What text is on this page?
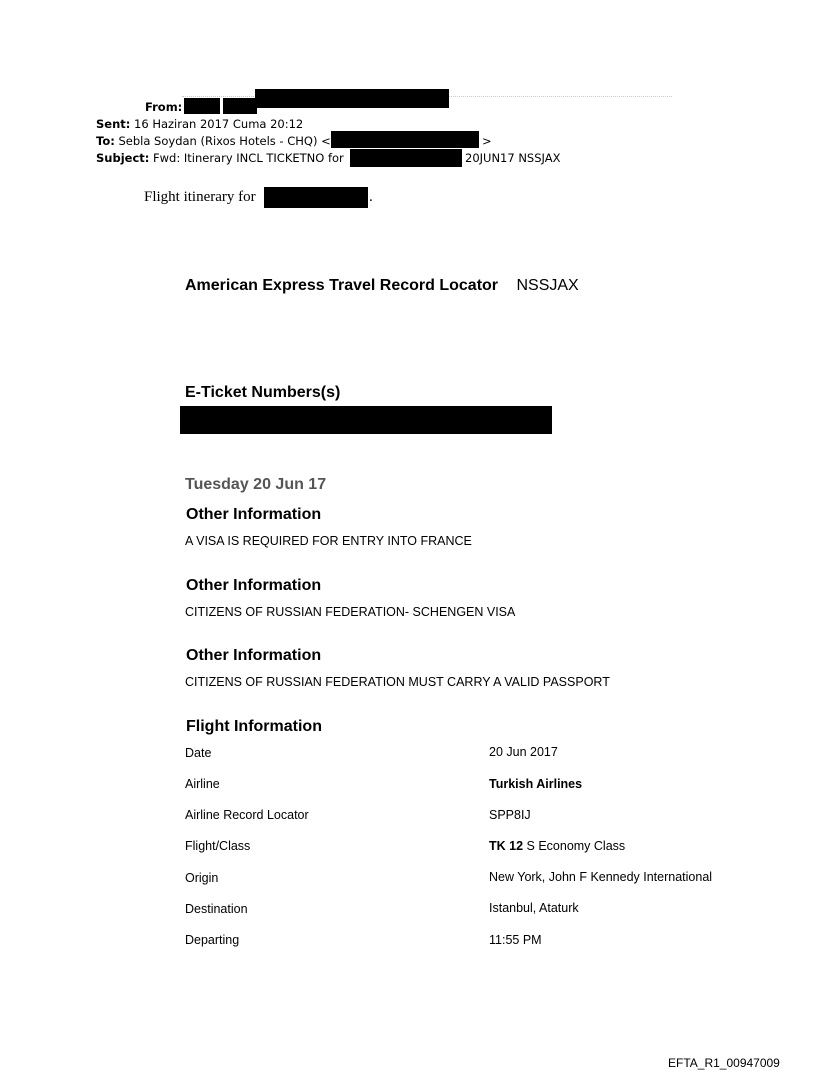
From:
Sent: 16 Haziran 2017 Cuma 20:12
To: Sebla Soydan (Rixos Hotels - CHQ) <	>
Subject: Fwd: Itinerary INCL TICKETNO for	20JUN17 NSSJAX
Flight itinerary for	.
American Express Travel Record Locator NSSJAX
E-Ticket Numbers(s)
Tuesday 20 Jun 17
Other Information
A VISA IS REQUIRED FOR ENTRY INTO FRANCE
Other Information
CITIZENS OF RUSSIAN FEDERATION- SCHENGEN VISA
Other Information
CITIZENS OF RUSSIAN FEDERATION MUST CARRY A VALID PASSPORT
Flight Information
Date	20 Jun 2017
Airline	Turkish Airlines
Airline Record Locator	SPP8IJ
Flight/Class	TK 12 S Economy Class
Origin	New York, John F Kennedy International
Destination	Istanbul, Ataturk
Departing	11:55 PM
EFTA_R1_00947009
